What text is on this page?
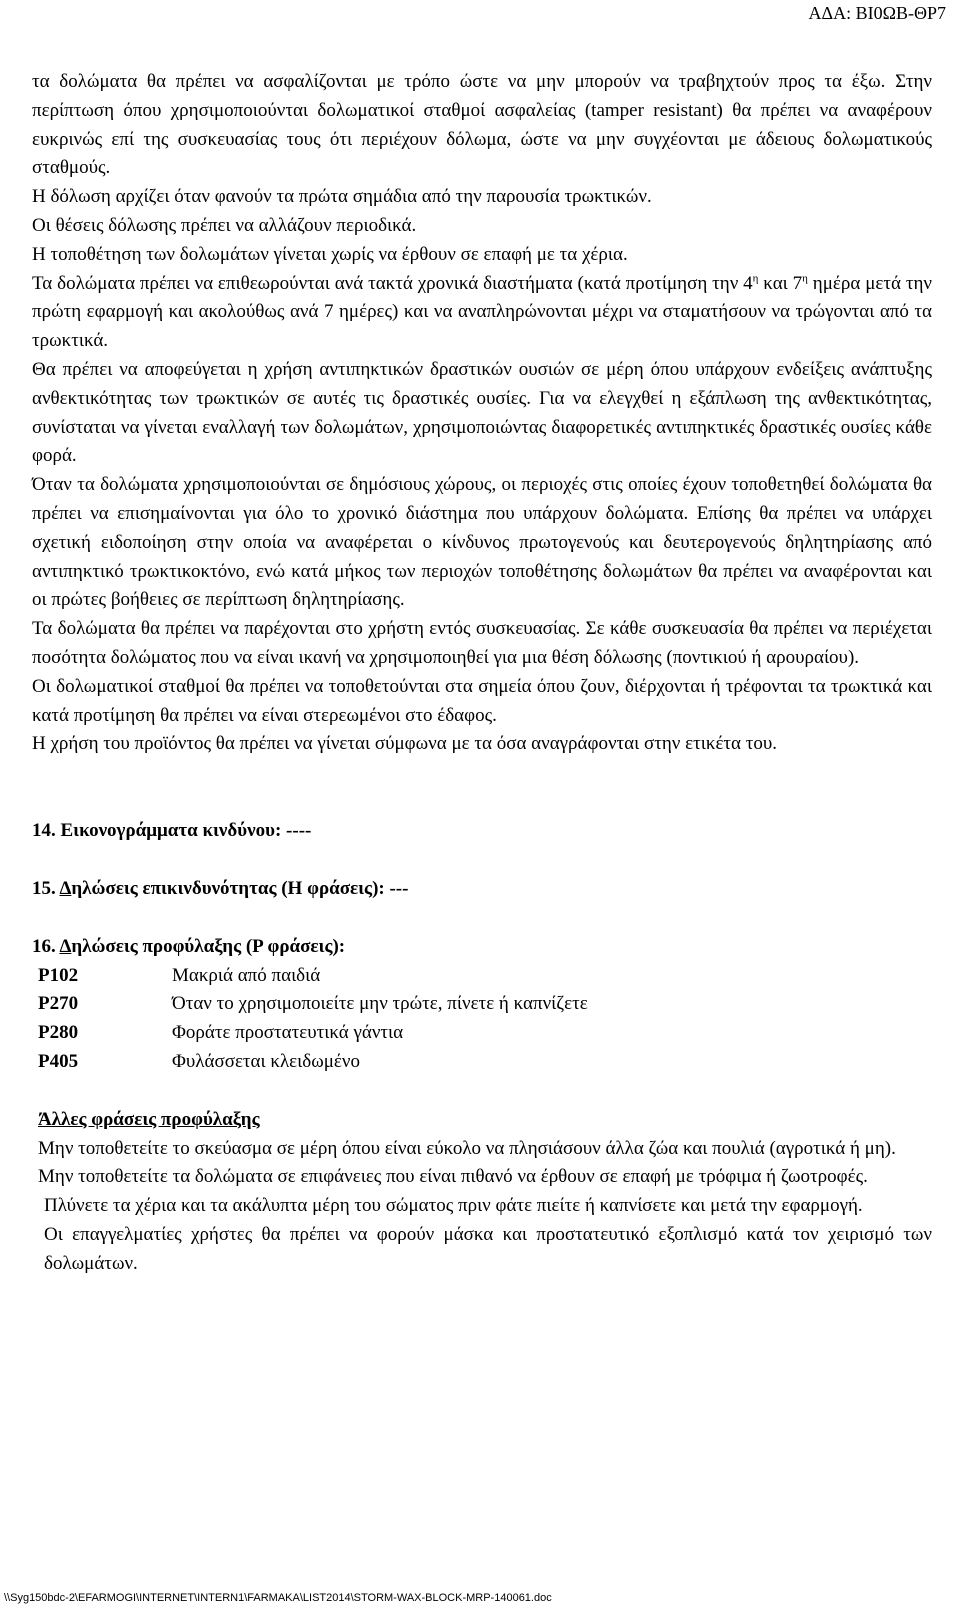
ΑΔΑ: ΒΙ0ΩΒ-ΘΡ7

τα δολώματα θα πρέπει να ασφαλίζονται με τρόπο ώστε να μην μπορούν να τραβηχτούν προς τα έξω. Στην περίπτωση όπου χρησιμοποιούνται δολωματικοί σταθμοί ασφαλείας (tamper resistant) θα πρέπει να αναφέρουν ευκρινώς επί της συσκευασίας τους ότι περιέχουν δόλωμα, ώστε να μην συγχέονται με άδειους δολωματικούς σταθμούς.

Η δόλωση αρχίζει όταν φανούν τα πρώτα σημάδια από την παρουσία τρωκτικών.

Οι θέσεις δόλωσης πρέπει να αλλάζουν περιοδικά.

Η τοποθέτηση των δολωμάτων γίνεται χωρίς να έρθουν σε επαφή με τα χέρια.

Τα δολώματα πρέπει να επιθεωρούνται ανά τακτά χρονικά διαστήματα (κατά προτίμηση την $4^\eta$ και $7^\eta$ ημέρα μετά την πρώτη εφαρμογή και ακολούθως ανά 7 ημέρες) και να αναπληρώνονται μέχρι να σταματήσουν να τρώγονται από τα τρωκτικά.

Θα πρέπει να αποφεύγεται η χρήση αντιπηκτικών δραστικών ουσιών σε μέρη όπου υπάρχουν ενδείξεις ανάπτυξης ανθεκτικότητας των τρωκτικών σε αυτές τις δραστικές ουσίες. Για να ελεγχθεί η εξάπλωση της ανθεκτικότητας, συνίσταται να γίνεται εναλλαγή των δολωμάτων, χρησιμοποιώντας διαφορετικές αντιπηκτικές δραστικές ουσίες κάθε φορά.

Όταν τα δολώματα χρησιμοποιούνται σε δημόσιους χώρους, οι περιοχές στις οποίες έχουν τοποθετηθεί δολώματα θα πρέπει να επισημαίνονται για όλο το χρονικό διάστημα που υπάρχουν δολώματα. Επίσης θα πρέπει να υπάρχει σχετική ειδοποίηση στην οποία να αναφέρεται ο κίνδυνος πρωτογενούς και δευτερογενούς δηλητηρίασης από αντιπηκτικό τρωκτικοκτόνο, ενώ κατά μήκος των περιοχών τοποθέτησης δολωμάτων θα πρέπει να αναφέρονται και οι πρώτες βοήθειες σε περίπτωση δηλητηρίασης.

Τα δολώματα θα πρέπει να παρέχονται στο χρήστη εντός συσκευασίας. Σε κάθε συσκευασία θα πρέπει να περιέχεται ποσότητα δολώματος που να είναι ικανή να χρησιμοποιηθεί για μια θέση δόλωσης (ποντικιού ή αρουραίου).

Οι δολωματικοί σταθμοί θα πρέπει να τοποθετούνται στα σημεία όπου ζουν, διέρχονται ή τρέφονται τα τρωκτικά και κατά προτίμηση θα πρέπει να είναι στερεωμένοι στο έδαφος.

Η χρήση του προϊόντος θα πρέπει να γίνεται σύμφωνα με τα όσα αναγράφονται στην ετικέτα του.

14. Εικονογράμματα κινδύνου: ----

15. Δηλώσεις επικινδυνότητας (Η φράσεις): ---

16. Δηλώσεις προφύλαξης (Ρ φράσεις):

P102	Μακριά από παιδιά
P270	Όταν το χρησιμοποιείτε μην τρώτε, πίνετε ή καπνίζετε
P280	Φοράτε προστατευτικά γάντια
P405	Φυλάσσεται κλειδωμένο

Άλλες φράσεις προφύλαξης

Μην τοποθετείτε το σκεύασμα σε μέρη όπου είναι εύκολο να πλησιάσουν άλλα ζώα και πουλιά (αγροτικά ή μη).

Μην τοποθετείτε τα δολώματα σε επιφάνειες που είναι πιθανό να έρθουν σε επαφή με τρόφιμα ή ζωοτροφές.

Πλύνετε τα χέρια και τα ακάλυπτα μέρη του σώματος πριν φάτε πιείτε ή καπνίσετε και μετά την εφαρμογή.

Οι επαγγελματίες χρήστες θα πρέπει να φορούν μάσκα και προστατευτικό εξοπλισμό κατά τον χειρισμό των δολωμάτων.

\\Syg150bdc-2\EFARMOGI\INTERNET\INTERN1\FARMAKA\LIST2014\STORM-WAX-BLOCK-MRP-140061.doc
